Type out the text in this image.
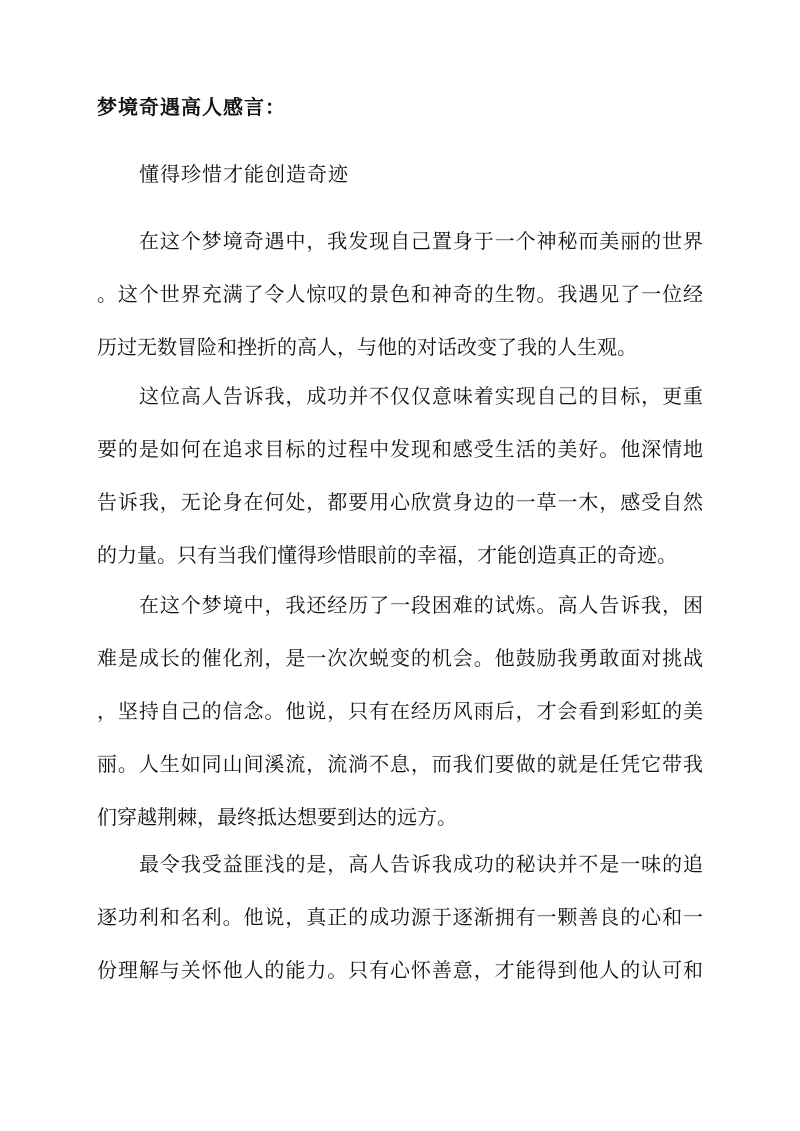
梦境奇遇高人感言：
懂得珍惜才能创造奇迹
在这个梦境奇遇中，我发现自己置身于一个神秘而美丽的世界
。这个世界充满了令人惊叹的景色和神奇的生物。我遇见了一位经
历过无数冒险和挫折的高人，与他的对话改变了我的人生观。
这位高人告诉我，成功并不仅仅意味着实现自己的目标，更重
要的是如何在追求目标的过程中发现和感受生活的美好。他深情地
告诉我，无论身在何处，都要用心欣赏身边的一草一木，感受自然
的力量。只有当我们懂得珍惜眼前的幸福，才能创造真正的奇迹。
在这个梦境中，我还经历了一段困难的试炼。高人告诉我，困
难是成长的催化剂，是一次次蜕变的机会。他鼓励我勇敢面对挑战
，坚持自己的信念。他说，只有在经历风雨后，才会看到彩虹的美
丽。人生如同山间溪流，流淌不息，而我们要做的就是任凭它带我
们穿越荆棘，最终抵达想要到达的远方。
最令我受益匪浅的是，高人告诉我成功的秘诀并不是一味的追
逐功利和名利。他说，真正的成功源于逐渐拥有一颗善良的心和一
份理解与关怀他人的能力。只有心怀善意，才能得到他人的认可和
